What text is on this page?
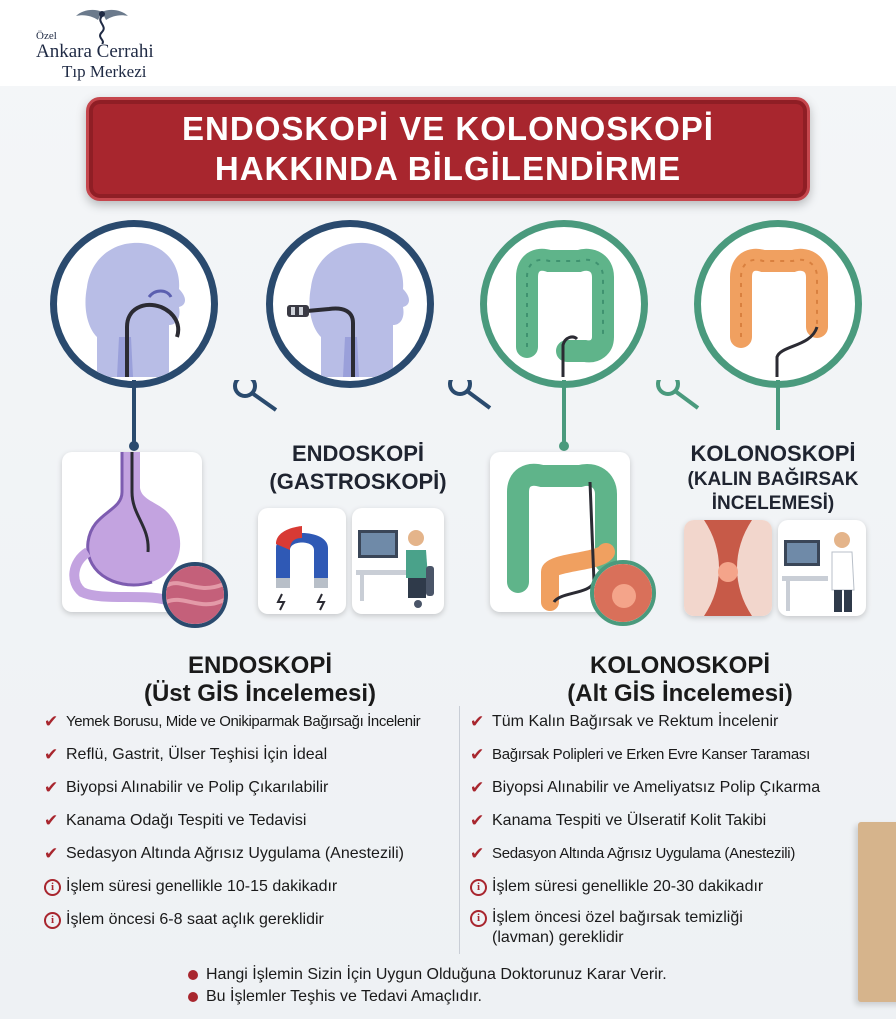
Özel
Ankara Cerrahi
Tıp Merkezi
ENDOSKOPİ VE KOLONOSKOPİ
HAKKINDA BİLGİLENDİRME
ENDOSKOPİ
(GASTROSKOPİ)
KOLONOSKOPİ
(KALIN BAĞIRSAK
İNCELEMESİ)
ENDOSKOPİ
(Üst GİS İncelemesi)
KOLONOSKOPİ
(Alt GİS İncelemesi)
✔ Yemek Borusu, Mide ve Onikiparmak Bağırsağı İncelenir
✔ Reflü, Gastrit, Ülser Teşhisi İçin İdeal
✔ Biyopsi Alınabilir ve Polip Çıkarılabilir
✔ Kanama Odağı Tespiti ve Tedavisi
✔ Sedasyon Altında Ağrısız Uygulama (Anestezili)
i İşlem süresi genellikle 10-15 dakikadır
i İşlem öncesi 6-8 saat açlık gereklidir
✔ Tüm Kalın Bağırsak ve Rektum İncelenir
✔ Bağırsak Polipleri ve Erken Evre Kanser Taraması
✔ Biyopsi Alınabilir ve Ameliyatsız Polip Çıkarma
✔ Kanama Tespiti ve Ülseratif Kolit Takibi
✔ Sedasyon Altında Ağrısız Uygulama (Anestezili)
i İşlem süresi genellikle 20-30 dakikadır
i İşlem öncesi özel bağırsak temizliği
(lavman) gereklidir
Hangi İşlemin Sizin İçin Uygun Olduğuna Doktorunuz Karar Verir.
Bu İşlemler Teşhis ve Tedavi Amaçlıdır.
